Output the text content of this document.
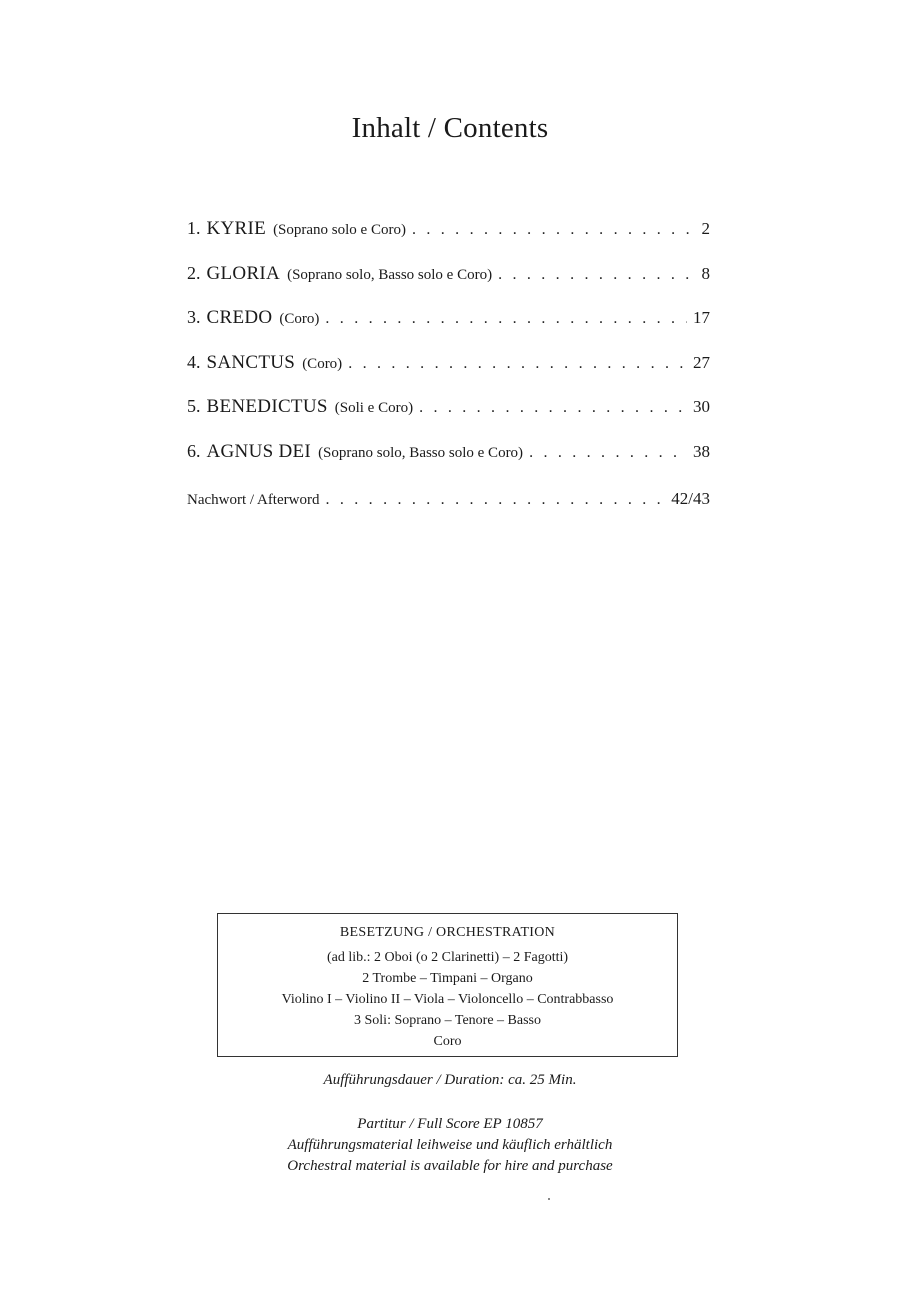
Inhalt / Contents
1. KYRIE (Soprano solo e Coro) . . .	2
2. GLORIA (Soprano solo, Basso solo e Coro) . . .	8
3. CREDO (Coro) . . .	17
4. SANCTUS (Coro) . . .	27
5. BENEDICTUS (Soli e Coro) . . .	30
6. AGNUS DEI (Soprano solo, Basso solo e Coro) . . .	38
Nachwort / Afterword . . .	42/43
BESETZUNG / ORCHESTRATION
(ad lib.: 2 Oboi (o 2 Clarinetti) – 2 Fagotti)
2 Trombe – Timpani – Organo
Violino I – Violino II – Viola – Violoncello – Contrabbasso
3 Soli: Soprano – Tenore – Basso
Coro
Aufführungsdauer / Duration: ca. 25 Min.
Partitur / Full Score EP 10857
Aufführungsmaterial leihweise und käuflich erhältlich
Orchestral material is available for hire and purchase
